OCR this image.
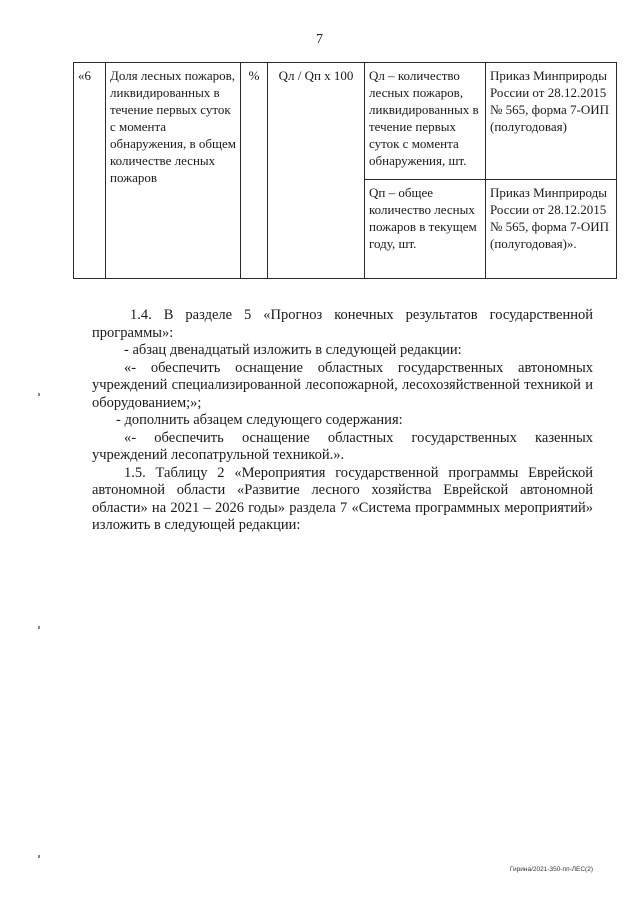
7
«6	Доля лесных пожаров, ликвидированных в течение первых суток с момента обнаружения, в общем количестве лесных пожаров	%	Qл / Qп x 100	Qл – количество лесных пожаров, ликвидированных в течение первых суток с момента обнаружения, шт.	Приказ Минприроды России от 28.12.2015 № 565, форма 7-ОИП (полугодовая)

				Qп – общее количество лесных пожаров в текущем году, шт.	Приказ Минприроды России от 28.12.2015 № 565, форма 7-ОИП (полугодовая)».

1.4. В разделе 5 «Прогноз конечных результатов государственной программы»:

- абзац двенадцатый изложить в следующей редакции:

«- обеспечить оснащение областных государственных автономных учреждений специализированной лесопожарной, лесохозяйственной техникой и оборудованием;»;

- дополнить абзацем следующего содержания:

«- обеспечить оснащение областных государственных казенных учреждений лесопатрульной техникой.».

1.5. Таблицу 2 «Мероприятия государственной программы Еврейской автономной области «Развитие лесного хозяйства Еврейской автономной области» на 2021 – 2026 годы» раздела 7 «Система программных мероприятий» изложить в следующей редакции:

Гирина/2021-350-пп-ЛЕС(2)
